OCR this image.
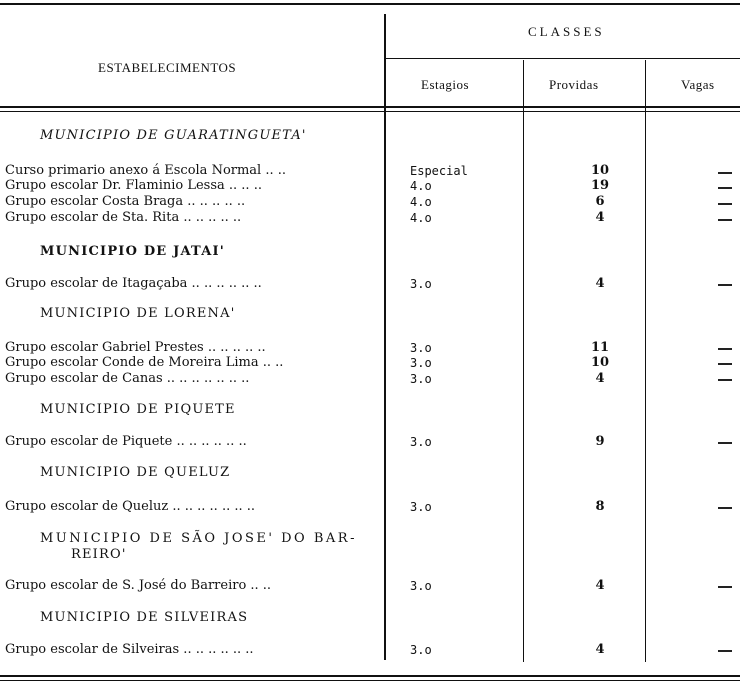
ESTABELECIMENTOS
CLASSES
Estagios	Providas	Vagas
MUNICIPIO DE GUARATINGUETA'
Curso primario anexo á Escola Normal .. ..	Especial	10
Grupo escolar Dr. Flaminio Lessa .. .. ..	4.o	19
Grupo escolar Costa Braga .. .. .. .. ..	4.o	6
Grupo escolar de Sta. Rita .. .. .. .. ..	4.o	4
MUNICIPIO DE JATAI'
Grupo escolar de Itagaçaba .. .. .. .. .. ..	3.o	4
MUNICIPIO DE LORENA'
Grupo escolar Gabriel Prestes .. .. .. .. ..	3.o	11
Grupo escolar Conde de Moreira Lima .. ..	3.o	10
Grupo escolar de Canas .. .. .. .. .. .. ..	3.o	4
MUNICIPIO DE PIQUETE
Grupo escolar de Piquete .. .. .. .. .. ..	3.o	9
MUNICIPIO DE QUELUZ
Grupo escolar de Queluz .. .. .. .. .. .. ..	3.o	8
MUNICIPIO DE SÃO JOSE' DO BAR-
REIRO'
Grupo escolar de S. José do Barreiro .. ..	3.o	4
MUNICIPIO DE SILVEIRAS
Grupo escolar de Silveiras .. .. .. .. .. ..	3.o	4
